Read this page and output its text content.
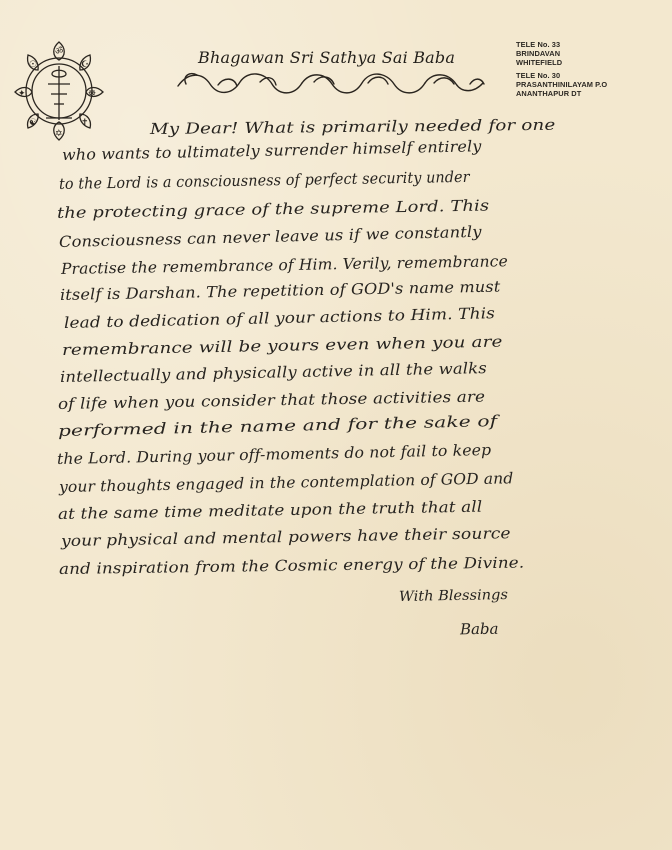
ॐ
☪
☸
✝
✡
☯
✦
☉	Bhagawan Sri Sathya Sai Baba
TELE No. 33
BRINDAVAN
WHITEFIELD
TELE No. 30
PRASANTHINILAYAM P.O
ANANTHAPUR DT
My Dear! What is primarily needed for one
who wants to ultimately surrender himself entirely
to the Lord is a consciousness of perfect security under
the protecting grace of the supreme Lord. This
Consciousness can never leave us if we constantly
Practise the remembrance of Him. Verily, remembrance
itself is Darshan. The repetition of GOD's name must
lead to dedication of all your actions to Him. This
remembrance will be yours even when you are
intellectually and physically active in all the walks
of life when you consider that those activities are
performed in the name and for the sake of
the Lord. During your off-moments do not fail to keep
your thoughts engaged in the contemplation of GOD and
at the same time meditate upon the truth that all
your physical and mental powers have their source
and inspiration from the Cosmic energy of the Divine.
With Blessings
Baba
